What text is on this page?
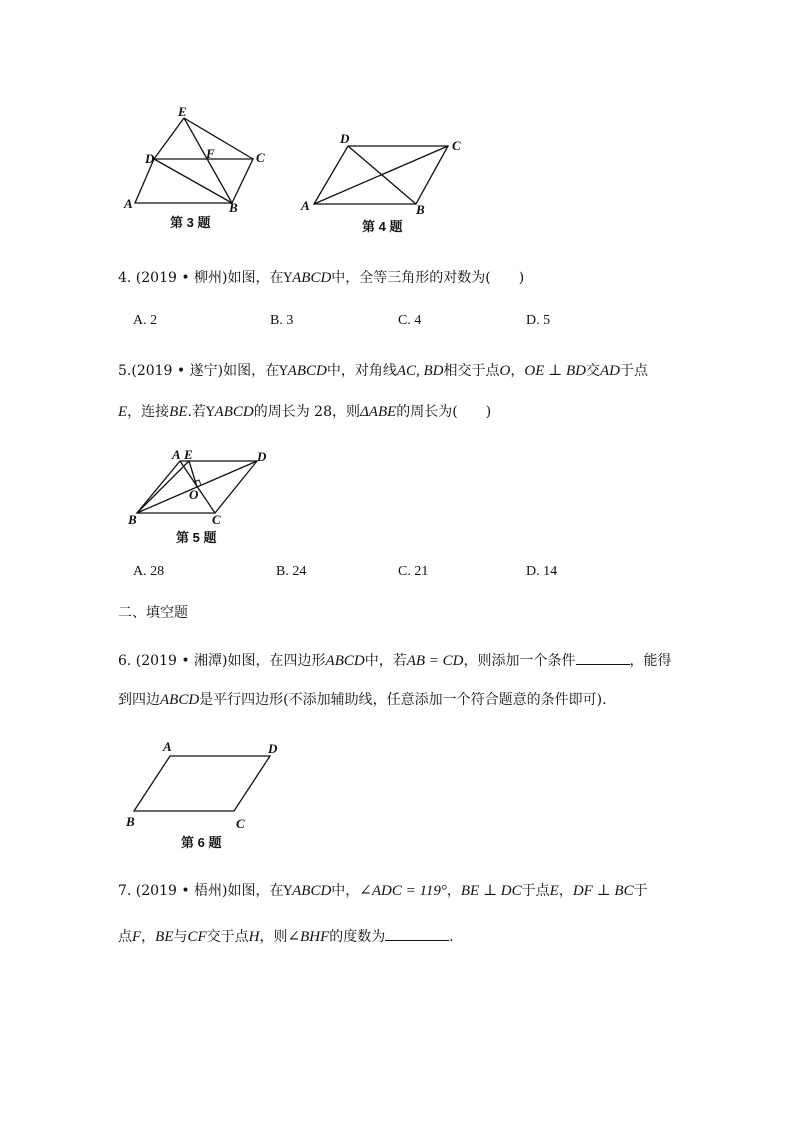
E
D	F	C
A	B
第 3 题
D	C
A	B
第 4 题
4. (2019 • 柳州)如图，在YABCD中，全等三角形的对数为(　　)
A. 2	B. 3	C. 4	D. 5
5.(2019 • 遂宁)如图，在YABCD中，对角线AC, BD相交于点O，OE ⊥ BD交AD于点
E，连接BE.若YABCD的周长为 28，则ΔABE的周长为(　　)
A E	D
O
B	C
第 5 题
A. 28	B. 24	C. 21	D. 14
二、填空题
6. (2019 • 湘潭)如图，在四边形ABCD中，若AB = CD，则添加一个条件	，能得
到四边ABCD是平行四边形(不添加辅助线，任意添加一个符合题意的条件即可).
A	D
B	C
第 6 题
7. (2019 • 梧州)如图，在YABCD中，∠ADC = 119°，BE ⊥ DC于点E，DF ⊥ BC于
点F，BE与CF交于点H，则∠BHF的度数为	.
